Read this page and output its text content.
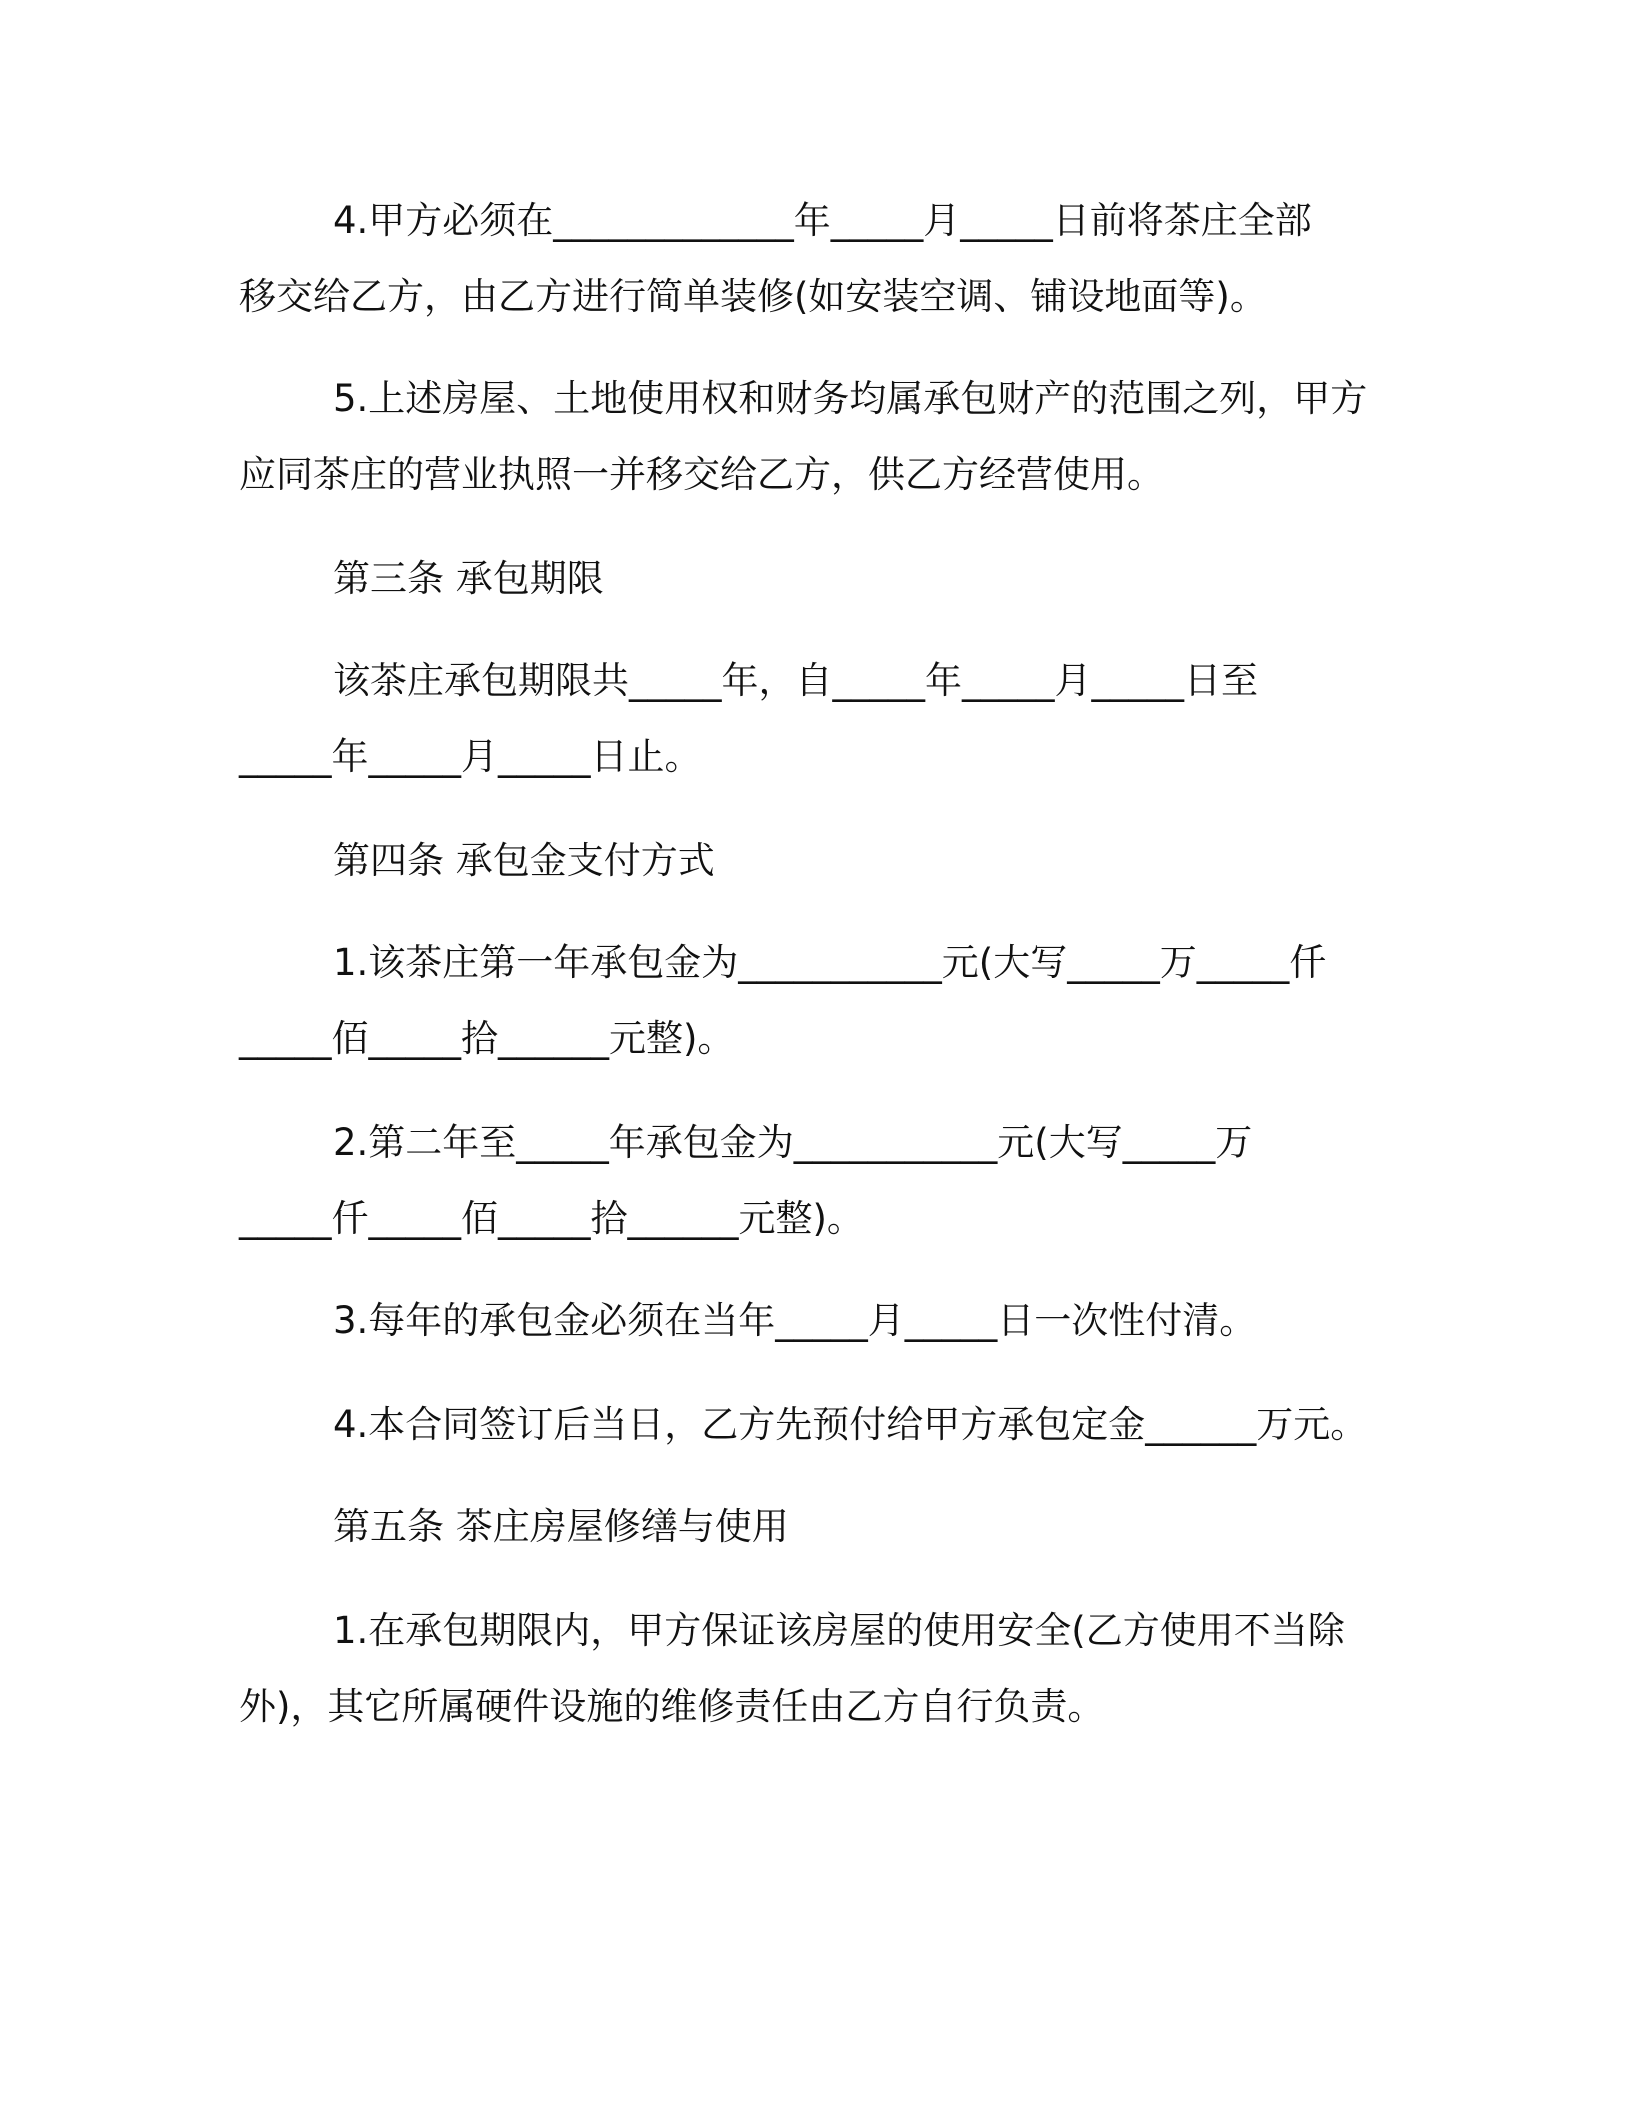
4.甲方必须在_____________年_____月_____日前将茶庄全部

移交给乙方，由乙方进行简单装修(如安装空调、铺设地面等)。

5.上述房屋、土地使用权和财务均属承包财产的范围之列，甲方

应同茶庄的营业执照一并移交给乙方，供乙方经营使用。

第三条 承包期限

该茶庄承包期限共_____年，自_____年_____月_____日至

_____年_____月_____日止。

第四条 承包金支付方式

1.该茶庄第一年承包金为___________元(大写_____万_____仟

_____佰_____拾______元整)。

2.第二年至_____年承包金为___________元(大写_____万

_____仟_____佰_____拾______元整)。

3.每年的承包金必须在当年_____月_____日一次性付清。

4.本合同签订后当日，乙方先预付给甲方承包定金______万元。

第五条 茶庄房屋修缮与使用

1.在承包期限内，甲方保证该房屋的使用安全(乙方使用不当除

外)，其它所属硬件设施的维修责任由乙方自行负责。
